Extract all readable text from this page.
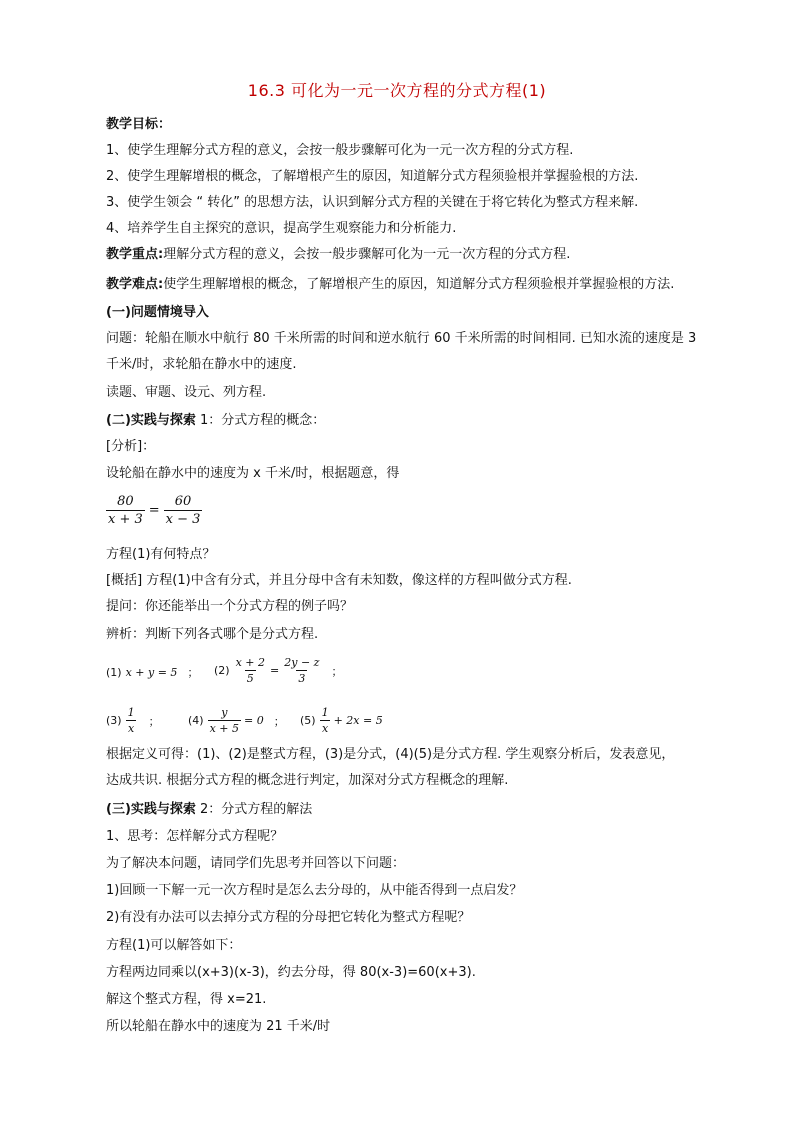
16.3 可化为一元一次方程的分式方程(1)
教学目标：
1、使学生理解分式方程的意义，会按一般步骤解可化为一元一次方程的分式方程.
2、使学生理解增根的概念，了解增根产生的原因，知道解分式方程须验根并掌握验根的方法.
3、使学生领会 “ 转化” 的思想方法，认识到解分式方程的关键在于将它转化为整式方程来解.
4、培养学生自主探究的意识，提高学生观察能力和分析能力.
教学重点:理解分式方程的意义，会按一般步骤解可化为一元一次方程的分式方程.
教学难点:使学生理解增根的概念，了解增根产生的原因，知道解分式方程须验根并掌握验根的方法.
(一)问题情境导入
问题：轮船在顺水中航行 80 千米所需的时间和逆水航行 60 千米所需的时间相同. 已知水流的速度是 3
千米/时，求轮船在静水中的速度.
读题、审题、设元、列方程.
(二)实践与探索 1：分式方程的概念：
[分析]：
设轮船在静水中的速度为 x 千米/时，根据题意，得
$\frac{80}{x + 3} = \frac{60}{x - 3}$
方程(1)有何特点？
[概括] 方程(1)中含有分式，并且分母中含有未知数，像这样的方程叫做分式方程.
提问：你还能举出一个分式方程的例子吗？
辨析：判断下列各式哪个是分式方程.
(1) x + y = 5 ； $(2) \frac{x + 2}{5} = \frac{2y - z}{3}$ ；
$(3) \frac{1}{x}$ ；	$(4) \frac{y}{x + 5} = 0$ ； $(5) \frac{1}{x} + 2x = 5$
根据定义可得：(1)、(2)是整式方程，(3)是分式，(4)(5)是分式方程. 学生观察分析后，发表意见，
达成共识. 根据分式方程的概念进行判定，加深对分式方程概念的理解.
(三)实践与探索 2：分式方程的解法
1、思考：怎样解分式方程呢？
为了解决本问题，请同学们先思考并回答以下问题：
1)回顾一下解一元一次方程时是怎么去分母的，从中能否得到一点启发？
2)有没有办法可以去掉分式方程的分母把它转化为整式方程呢？
方程(1)可以解答如下：
方程两边同乘以(x+3)(x-3)，约去分母，得 80(x-3)=60(x+3).
解这个整式方程，得 x=21.
所以轮船在静水中的速度为 21 千米/时
